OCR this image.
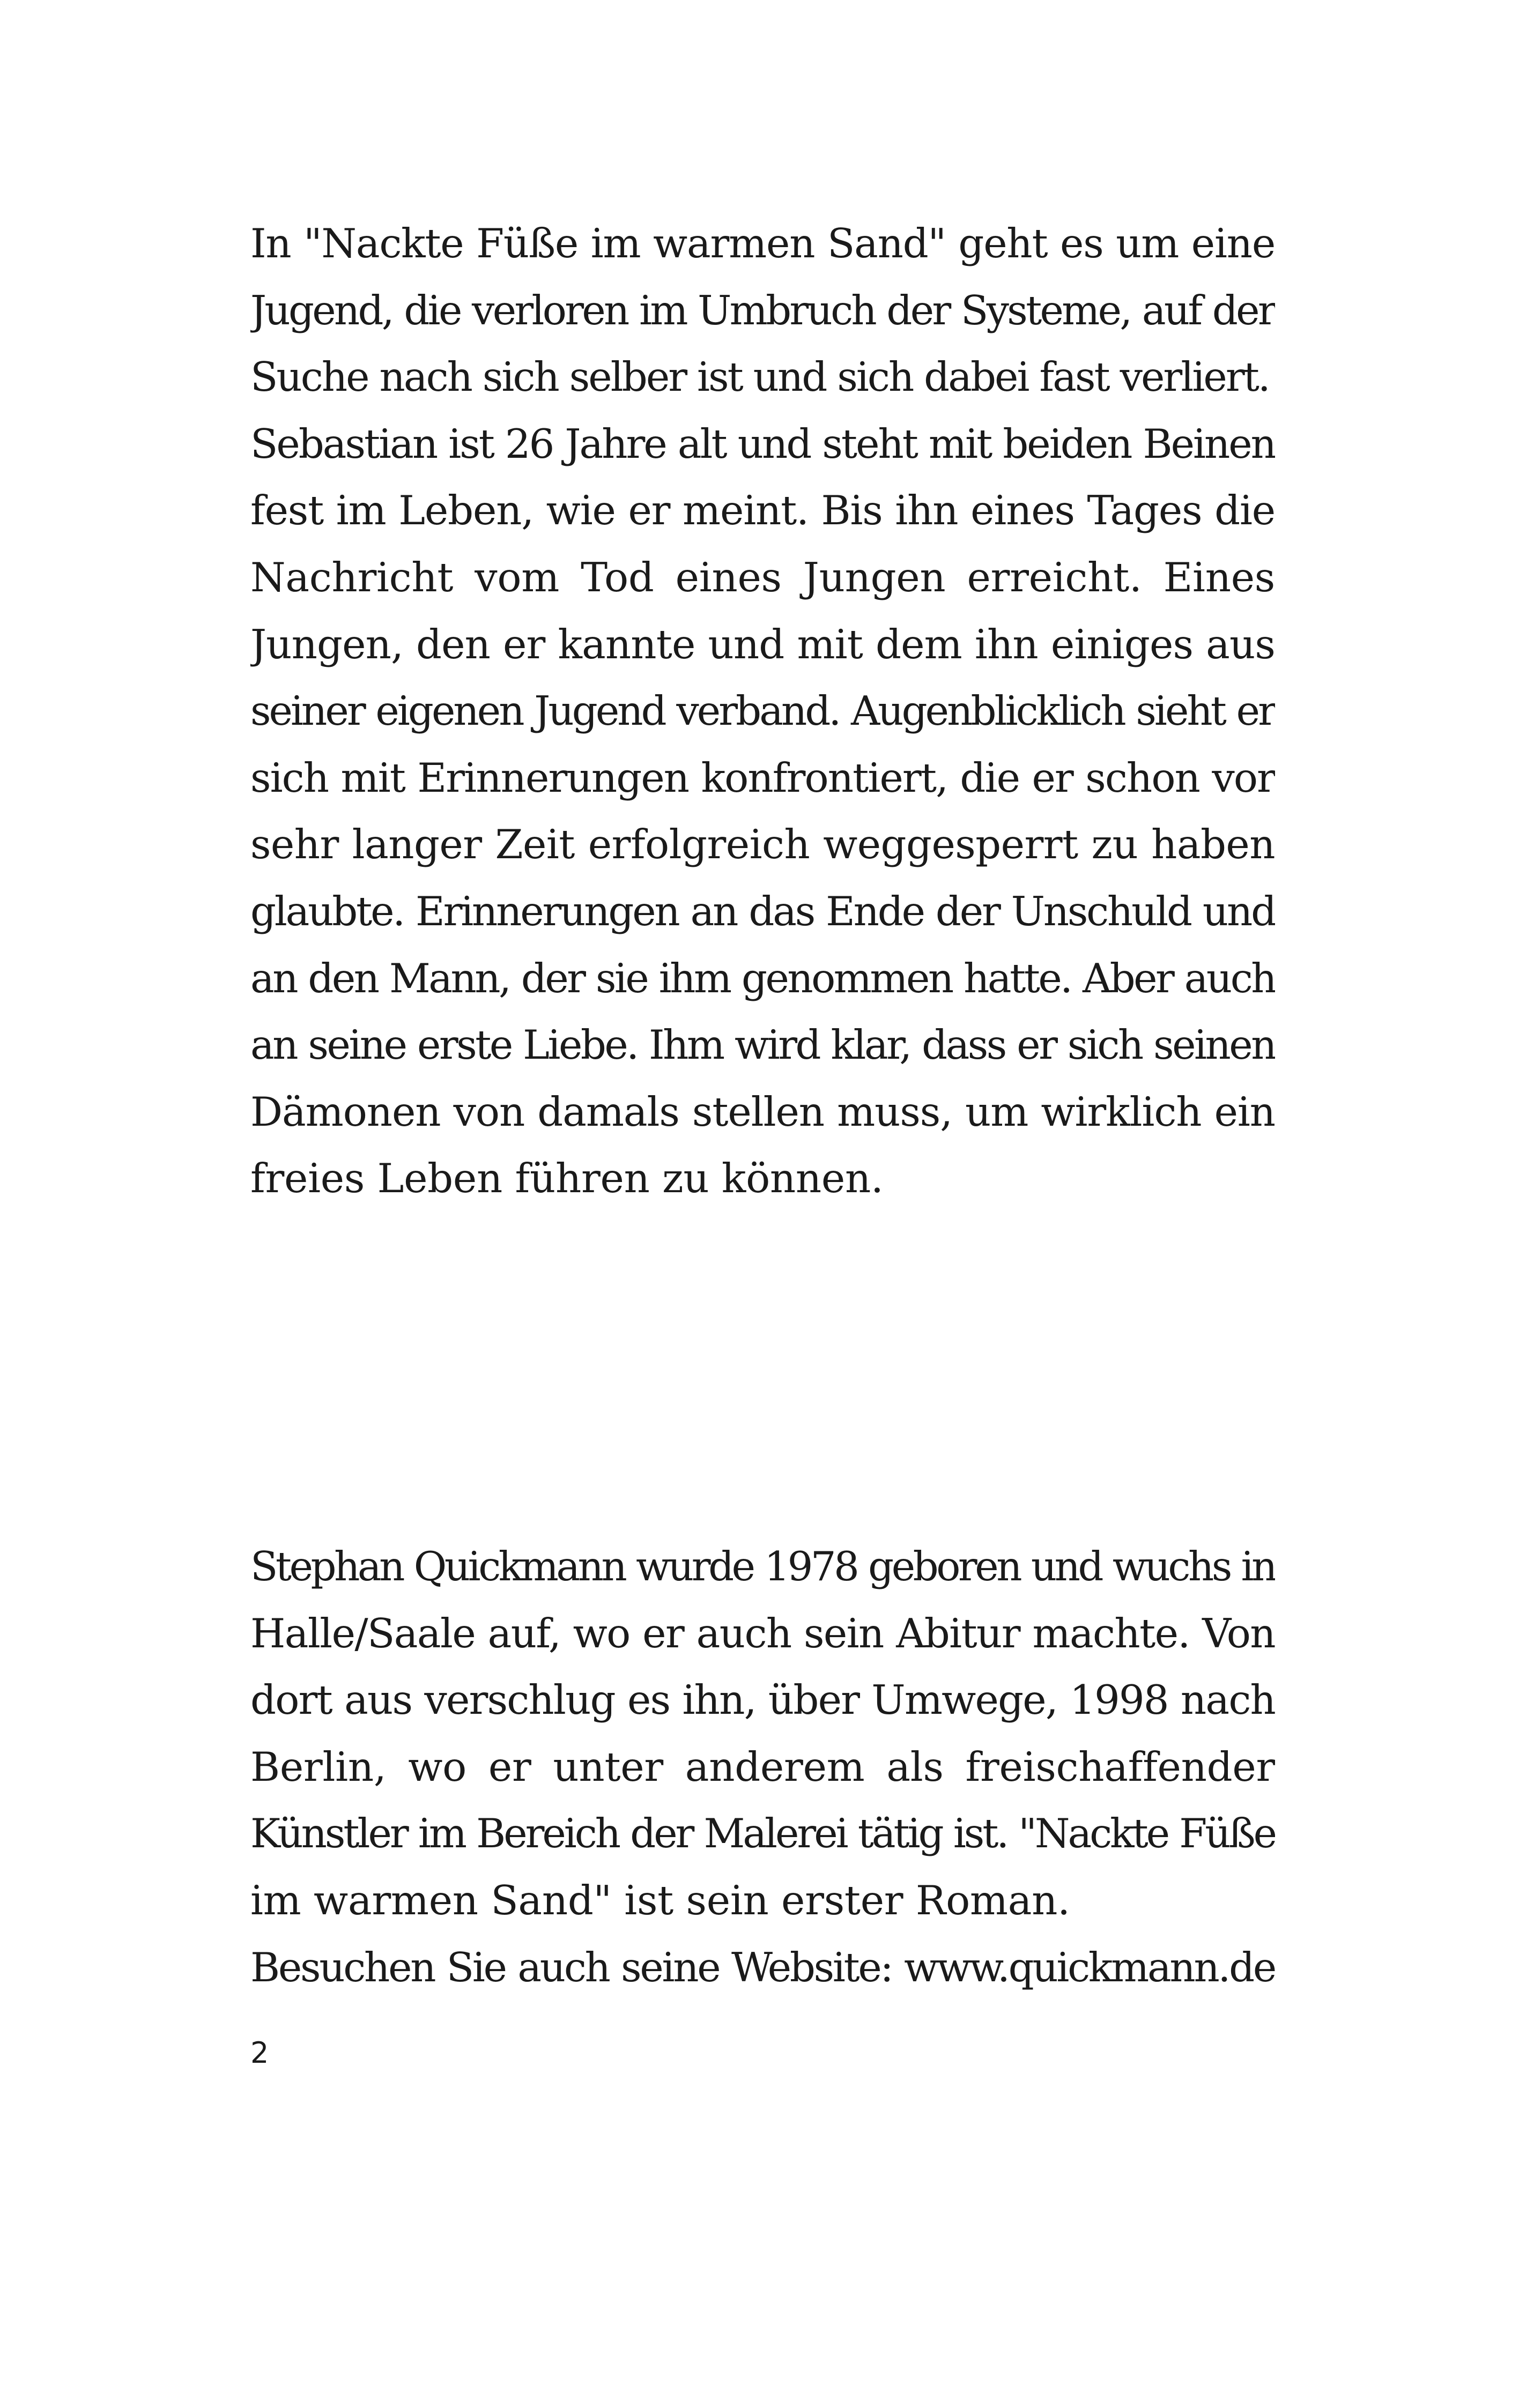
In "Nackte Füße im warmen Sand" geht es um eine
Jugend, die verloren im Umbruch der Systeme, auf der
Suche nach sich selber ist und sich dabei fast verliert.
Sebastian ist 26 Jahre alt und steht mit beiden Beinen
fest im Leben, wie er meint. Bis ihn eines Tages die
Nachricht vom Tod eines Jungen erreicht. Eines
Jungen, den er kannte und mit dem ihn einiges aus
seiner eigenen Jugend verband. Augenblicklich sieht er
sich mit Erinnerungen konfrontiert, die er schon vor
sehr langer Zeit erfolgreich weggesperrt zu haben
glaubte. Erinnerungen an das Ende der Unschuld und
an den Mann, der sie ihm genommen hatte. Aber auch
an seine erste Liebe. Ihm wird klar, dass er sich seinen
Dämonen von damals stellen muss, um wirklich ein
freies Leben führen zu können.
Stephan Quickmann wurde 1978 geboren und wuchs in
Halle/Saale auf, wo er auch sein Abitur machte. Von
dort aus verschlug es ihn, über Umwege, 1998 nach
Berlin, wo er unter anderem als freischaffender
Künstler im Bereich der Malerei tätig ist. "Nackte Füße
im warmen Sand" ist sein erster Roman.
Besuchen Sie auch seine Website: www.quickmann.de
2
